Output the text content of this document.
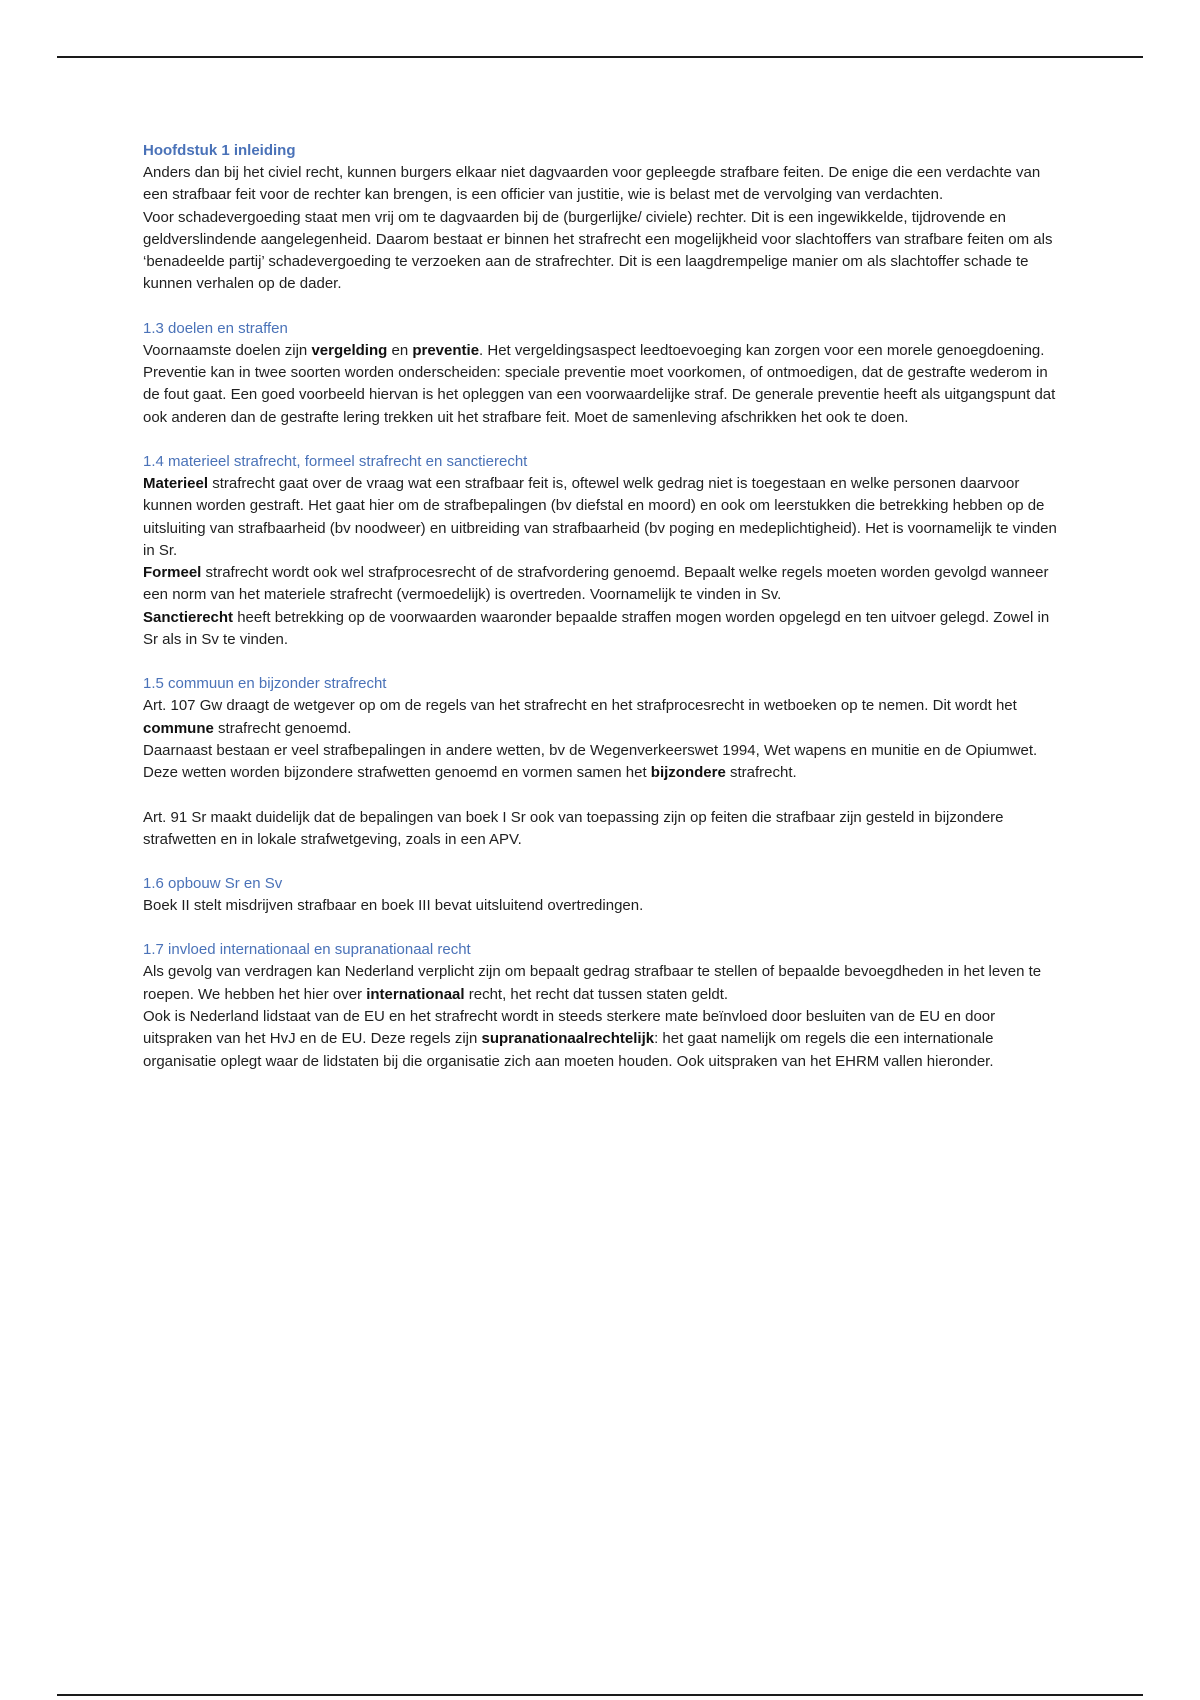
Hoofdstuk 1 inleiding
Anders dan bij het civiel recht, kunnen burgers elkaar niet dagvaarden voor gepleegde strafbare feiten. De enige die een verdachte van een strafbaar feit voor de rechter kan brengen, is een officier van justitie, wie is belast met de vervolging van verdachten.
Voor schadevergoeding staat men vrij om te dagvaarden bij de (burgerlijke/ civiele) rechter. Dit is een ingewikkelde, tijdrovende en geldverslindende aangelegenheid. Daarom bestaat er binnen het strafrecht een mogelijkheid voor slachtoffers van strafbare feiten om als ‘benadeelde partij’ schadevergoeding te verzoeken aan de strafrechter. Dit is een laagdrempelige manier om als slachtoffer schade te kunnen verhalen op de dader.
1.3 doelen en straffen
Voornaamste doelen zijn vergelding en preventie. Het vergeldingsaspect leedtoevoeging kan zorgen voor een morele genoegdoening.
Preventie kan in twee soorten worden onderscheiden: speciale preventie moet voorkomen, of ontmoedigen, dat de gestrafte wederom in de fout gaat. Een goed voorbeeld hiervan is het opleggen van een voorwaardelijke straf. De generale preventie heeft als uitgangspunt dat ook anderen dan de gestrafte lering trekken uit het strafbare feit. Moet de samenleving afschrikken het ook te doen.
1.4 materieel strafrecht, formeel strafrecht en sanctierecht
Materieel strafrecht gaat over de vraag wat een strafbaar feit is, oftewel welk gedrag niet is toegestaan en welke personen daarvoor kunnen worden gestraft. Het gaat hier om de strafbepalingen (bv diefstal en moord) en ook om leerstukken die betrekking hebben op de uitsluiting van strafbaarheid (bv noodweer) en uitbreiding van strafbaarheid (bv poging en medeplichtigheid). Het is voornamelijk te vinden in Sr.
Formeel strafrecht wordt ook wel strafprocesrecht of de strafvordering genoemd. Bepaalt welke regels moeten worden gevolgd wanneer een norm van het materiele strafrecht (vermoedelijk) is overtreden. Voornamelijk te vinden in Sv.
Sanctierecht heeft betrekking op de voorwaarden waaronder bepaalde straffen mogen worden opgelegd en ten uitvoer gelegd. Zowel in Sr als in Sv te vinden.
1.5 commuun en bijzonder strafrecht
Art. 107 Gw draagt de wetgever op om de regels van het strafrecht en het strafprocesrecht in wetboeken op te nemen. Dit wordt het commune strafrecht genoemd.
Daarnaast bestaan er veel strafbepalingen in andere wetten, bv de Wegenverkeerswet 1994, Wet wapens en munitie en de Opiumwet. Deze wetten worden bijzondere strafwetten genoemd en vormen samen het bijzondere strafrecht.
Art. 91 Sr maakt duidelijk dat de bepalingen van boek I Sr ook van toepassing zijn op feiten die strafbaar zijn gesteld in bijzondere strafwetten en in lokale strafwetgeving, zoals in een APV.
1.6 opbouw Sr en Sv
Boek II stelt misdrijven strafbaar en boek III bevat uitsluitend overtredingen.
1.7 invloed internationaal en supranationaal recht
Als gevolg van verdragen kan Nederland verplicht zijn om bepaalt gedrag strafbaar te stellen of bepaalde bevoegdheden in het leven te roepen. We hebben het hier over internationaal recht, het recht dat tussen staten geldt.
Ook is Nederland lidstaat van de EU en het strafrecht wordt in steeds sterkere mate beïnvloed door besluiten van de EU en door uitspraken van het HvJ en de EU. Deze regels zijn supranationaalrechtelijk: het gaat namelijk om regels die een internationale organisatie oplegt waar de lidstaten bij die organisatie zich aan moeten houden. Ook uitspraken van het EHRM vallen hieronder.
